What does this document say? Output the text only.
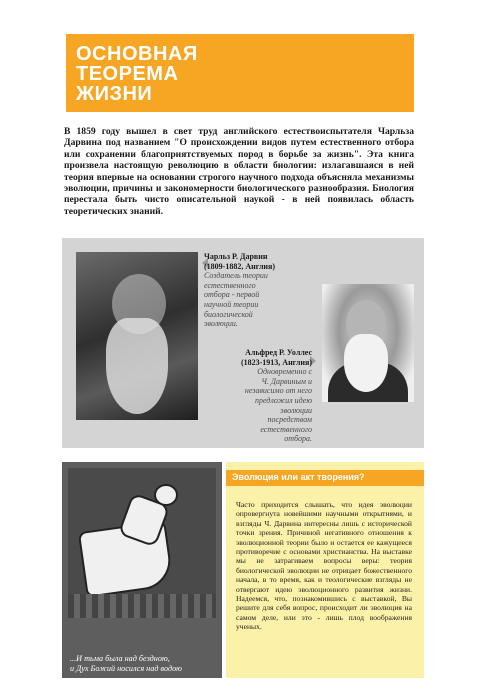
ОСНОВНАЯ
ТЕОРЕМА
ЖИЗНИ
В 1859 году вышел в свет труд английского естествоиспытателя Чарльза Дарвина под названием "О происхождении видов путем естественного отбора или сохранении благоприятствуемых пород в борьбе за жизнь". Эта книга произвела настоящую революцию в области биологии: излагавшаяся в ней теория впервые на основании строгого научного подхода объясняла механизмы эволюции, причины и закономерности биологического разнообразия. Биология перестала быть чисто описательной наукой - в ней появилась область теоретических знаний.
Чарльз Р. Дарвин
(1809-1882, Англия)
Создатель теории
естественного
отбора - первой
научной теории
биологической
эволюции.
Альфред Р. Уоллес
(1823-1913, Англия)
Одновременно с
Ч. Дарвиным и
независимо от него
предложил идею
эволюции
посредством
естественного
отбора.
...И тьма была над бездною,
и Дух Божий носился над водою
Эволюция или акт творения?
Часто приходится слышать, что идея эволюции опровергнута новейшими научными открытиями, и взгляды Ч. Дарвина интересны лишь с исторической точки зрения. Причиной негативного отношения к эволюционной теории было и остается ее кажущееся противоречие с основами христианства. На выставке мы не затрагиваем вопросы веры: теория биологической эволюции не отрицает божественного начала, в то время, как и теологические взгляды не отвергают идею эволюционного развития жизни. Надеемся, что, познакомившись с выставкой, Вы решите для себя вопрос, происходит ли эволюция на самом деле, или это - лишь плод воображения ученых.
